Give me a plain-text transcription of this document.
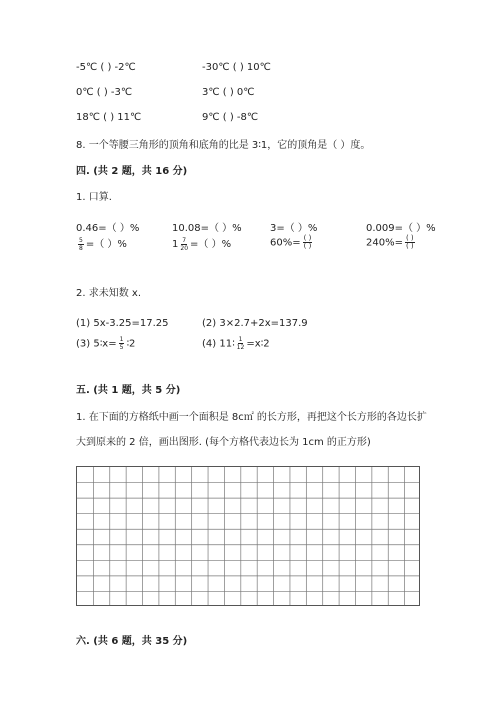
-5℃ ( ) -2℃	-30℃ ( ) 10℃
0℃ ( ) -3℃	3℃ ( ) 0℃
18℃ ( ) 11℃	9℃ ( ) -8℃
8. 一个等腰三角形的顶角和底角的比是 3∶1，它的顶角是（ ）度。
四. (共 2 题，共 16 分)
1. 口算.
0.46=（ ）%	10.08=（ ）%	3=（ ）%	0.009=（ ）%
$\frac{5}{8}$ =（ ）%	$1 \frac{7}{20}$ =（ ）%	$60\%= \frac{( )}{( )}$	$240\%= \frac{( )}{( )}$
2. 求未知数 x.
(1) 5x-3.25=17.25	(2) 3×2.7+2x=137.9
(3) 5∶x= $\frac{1}{5}$ ∶2	(4) 11∶ $\frac{1}{12}$ =x∶2
五. (共 1 题，共 5 分)
1. 在下面的方格纸中画一个面积是 8c㎡ 的长方形，再把这个长方形的各边长扩
大到原来的 2 倍，画出图形. (每个方格代表边长为 1cm 的正方形)
六. (共 6 题，共 35 分)
